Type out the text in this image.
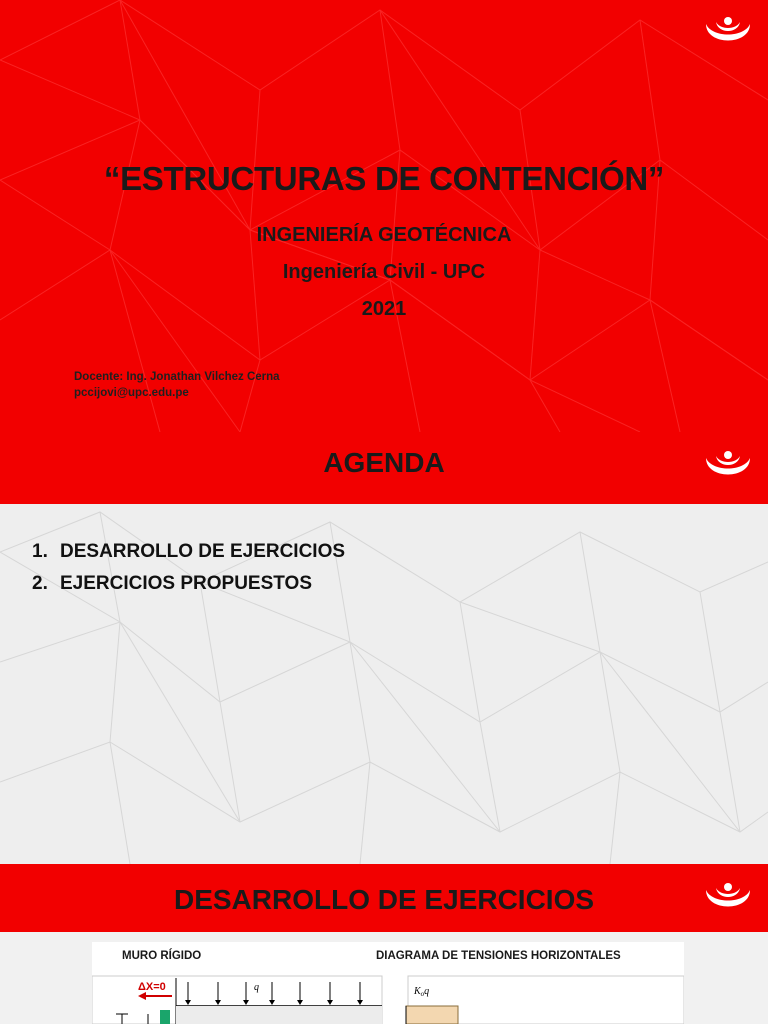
“ESTRUCTURAS DE CONTENCIÓN”
INGENIERÍA GEOTÉCNICA
Ingeniería Civil - UPC
2021
Docente: Ing. Jonathan Vilchez Cerna
pccijovi@upc.edu.pe
AGENDA
1. DESARROLLO DE EJERCICIOS
2. EJERCICIOS PROPUESTOS
DESARROLLO DE EJERCICIOS
MURO RÍGIDO	DIAGRAMA DE TENSIONES HORIZONTALES
ΔX=0	q	$K_oq$
